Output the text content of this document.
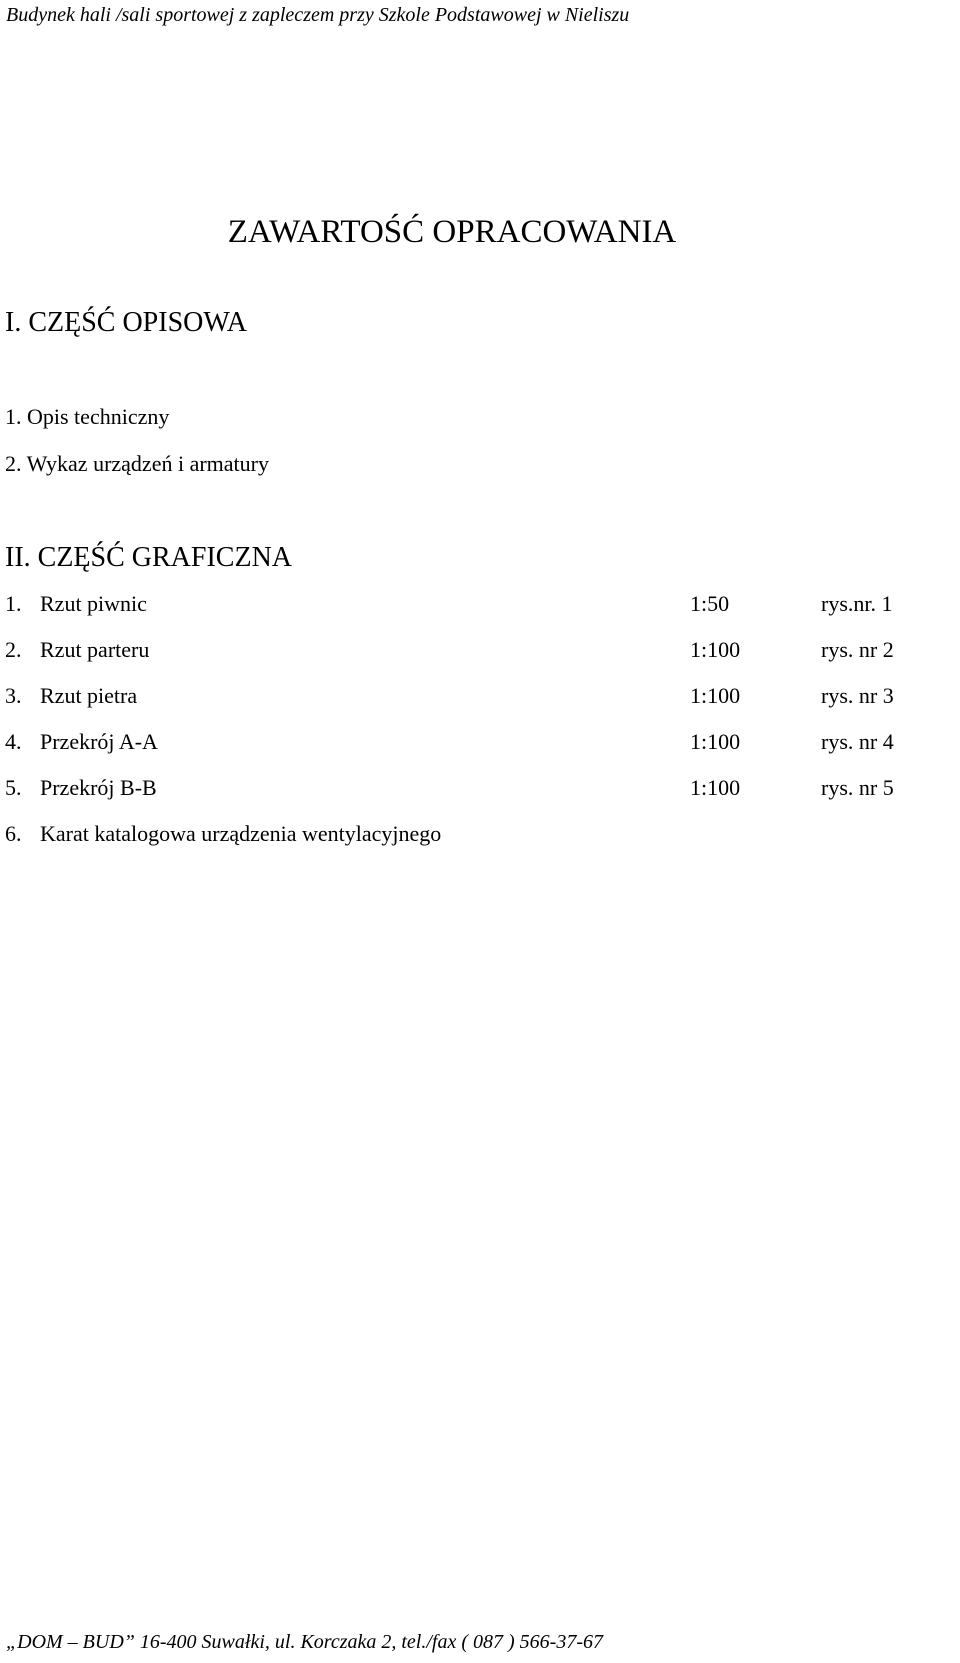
Budynek hali /sali sportowej z zapleczem przy Szkole Podstawowej w Nieliszu
ZAWARTOŚĆ OPRACOWANIA
I. CZĘŚĆ OPISOWA
1. Opis techniczny
2. Wykaz urządzeń i armatury
II. CZĘŚĆ GRAFICZNA
1. Rzut piwnic	1:50	rys.nr. 1
2. Rzut parteru	1:100	rys. nr 2
3. Rzut pietra	1:100	rys. nr 3
4. Przekrój A-A	1:100	rys. nr 4
5. Przekrój B-B	1:100	rys. nr 5
6. Karat katalogowa urządzenia wentylacyjnego
„DOM – BUD” 16-400 Suwałki, ul. Korczaka 2, tel./fax ( 087 ) 566-37-67
